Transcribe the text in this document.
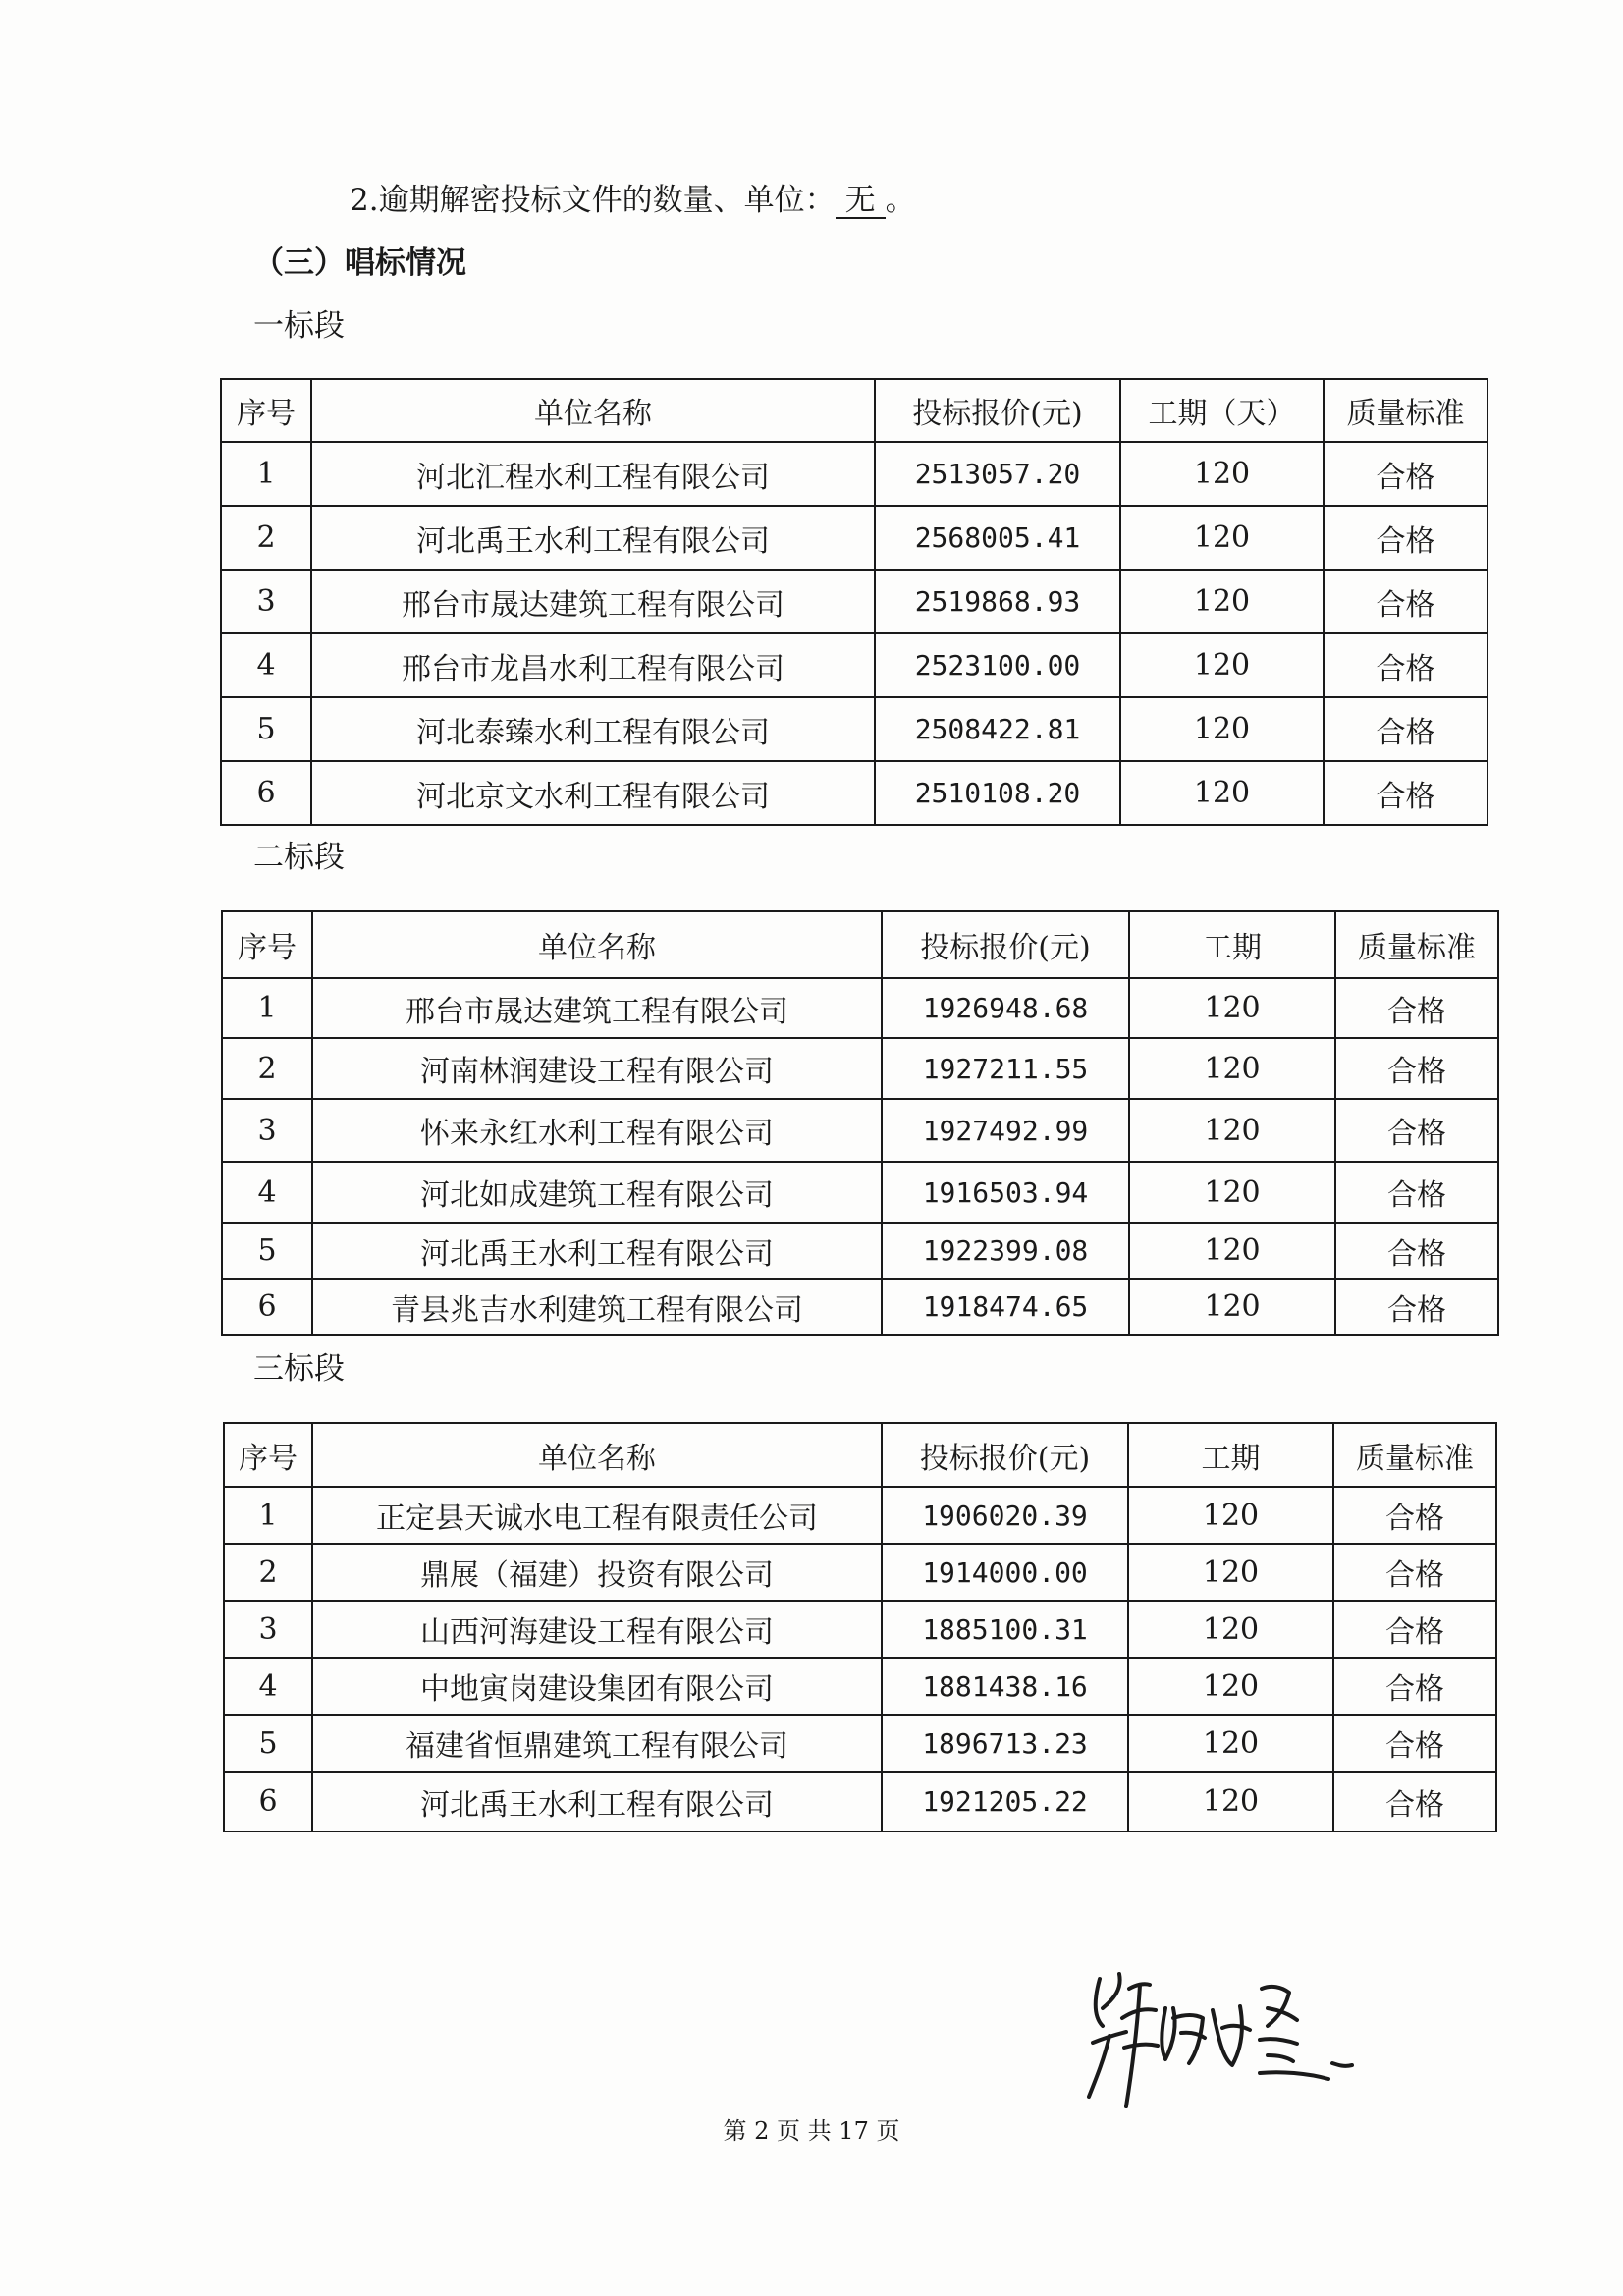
2.逾期解密投标文件的数量、单位： 无 。
（三）唱标情况
一标段
序号	单位名称	投标报价(元)	工期（天）	质量标准
1	河北汇程水利工程有限公司	2513057.20	120	合格
2	河北禹王水利工程有限公司	2568005.41	120	合格
3	邢台市晟达建筑工程有限公司	2519868.93	120	合格
4	邢台市龙昌水利工程有限公司	2523100.00	120	合格
5	河北泰臻水利工程有限公司	2508422.81	120	合格
6	河北京文水利工程有限公司	2510108.20	120	合格
二标段
序号	单位名称	投标报价(元)	工期	质量标准
1	邢台市晟达建筑工程有限公司	1926948.68	120	合格
2	河南林润建设工程有限公司	1927211.55	120	合格
3	怀来永红水利工程有限公司	1927492.99	120	合格
4	河北如成建筑工程有限公司	1916503.94	120	合格
5	河北禹王水利工程有限公司	1922399.08	120	合格
6	青县兆吉水利建筑工程有限公司	1918474.65	120	合格
三标段
序号	单位名称	投标报价(元)	工期	质量标准
1	正定县天诚水电工程有限责任公司	1906020.39	120	合格
2	鼎展（福建）投资有限公司	1914000.00	120	合格
3	山西河海建设工程有限公司	1885100.31	120	合格
4	中地寅岗建设集团有限公司	1881438.16	120	合格
5	福建省恒鼎建筑工程有限公司	1896713.23	120	合格
6	河北禹王水利工程有限公司	1921205.22	120	合格
第 2 页 共 17 页
